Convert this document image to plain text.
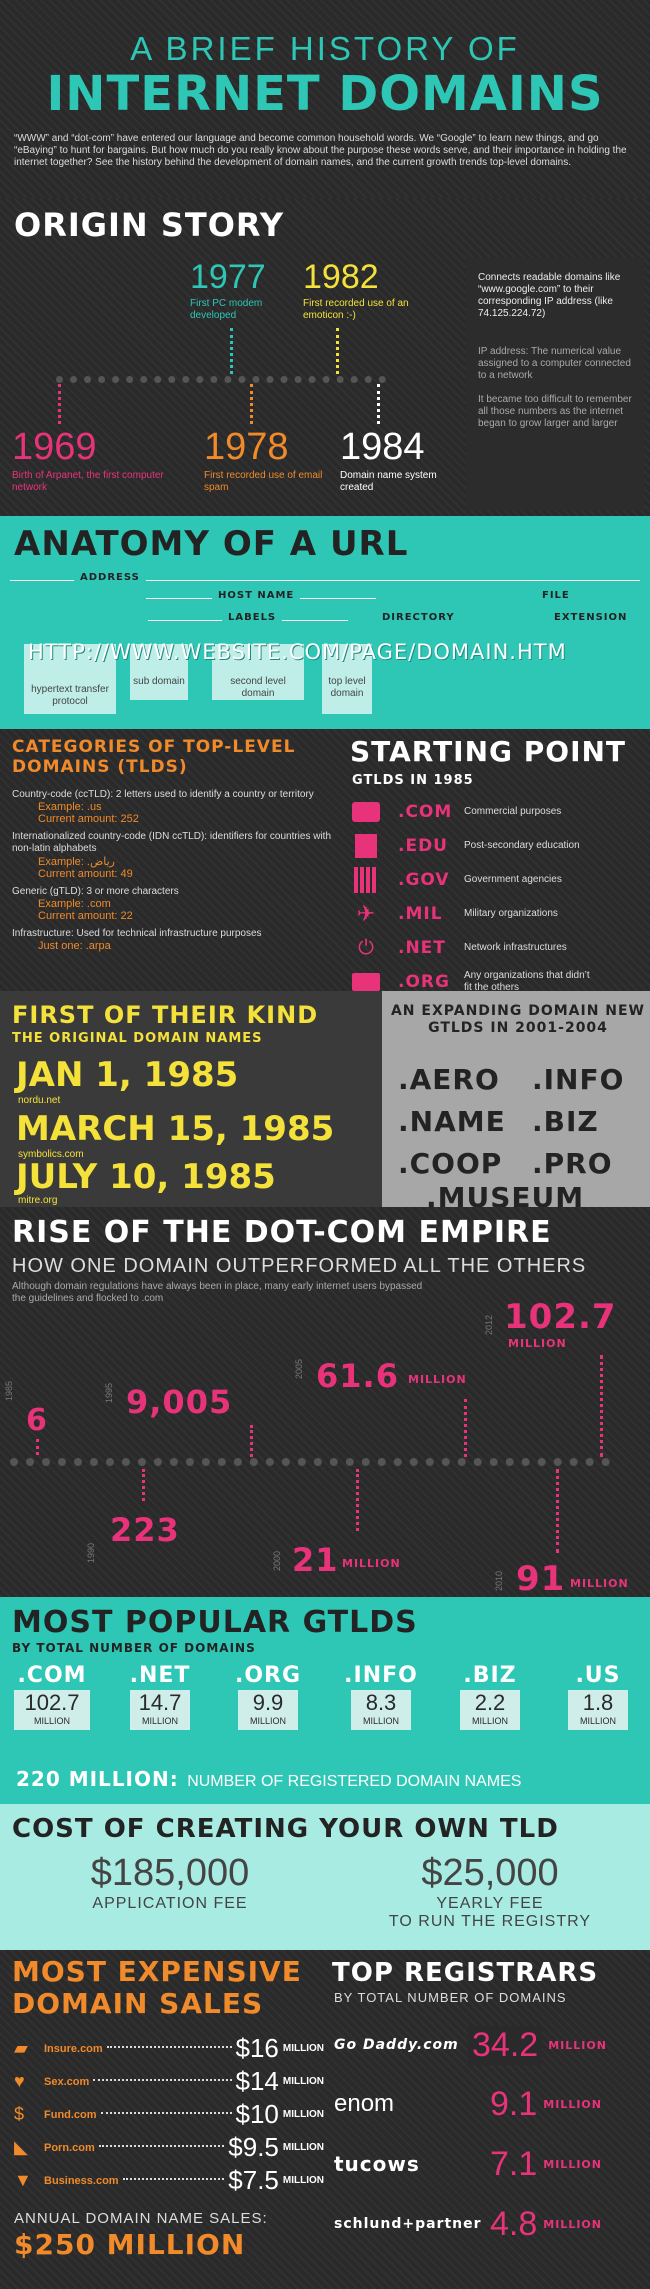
A BRIEF HISTORY OF
INTERNET DOMAINS
“WWW” and “dot-com” have entered our language and become common household words. We “Google” to learn new things, and go “eBaying” to hunt for bargains. But how much do you really know about the purpose these words serve, and their importance in holding the internet together? See the history behind the development of domain names, and the current growth trends top-level domains.
ORIGIN STORY
1977
First PC modem developed
1982
First recorded use of an emoticon :-)
1969
Birth of Arpanet, the first computer network
1978
First recorded use of email spam
1984
Domain name system created
Connects readable domains like “www.google.com” to their corresponding IP address (like 74.125.224.72)
IP address: The numerical value assigned to a computer connected to a network
It became too difficult to remember all those numbers as the internet began to grow larger and larger
ANATOMY OF A URL
ADDRESS
HOST NAME
LABELS	DIRECTORY
FILE
EXTENSION
hypertext transfer protocol
sub domain	second level domain
top level domain
HTTP://WWW.WEBSITE.COM/PAGE/DOMAIN.HTM
CATEGORIES OF TOP-LEVEL DOMAINS (TLDS)
Country-code (ccTLD): 2 letters used to identify a country or territory
Example: .us
Current amount: 252
Internationalized country-code (IDN ccTLD): identifiers for countries with non-latin alphabets
Example: .رياض
Current amount: 49
Generic (gTLD): 3 or more characters
Example: .com
Current amount: 22
Infrastructure: Used for technical infrastructure purposes
Just one: .arpa
STARTING POINT
GTLDS IN 1985
.COM	Commercial purposes
.EDU	Post-secondary education
.GOV	Government agencies
✈ .MIL	Military organizations
⏻	.NET	Network infrastructures
.ORG	Any organizations that didn’t fit the others
FIRST OF THEIR KIND
THE ORIGINAL DOMAIN NAMES
JAN 1, 1985
nordu.net
MARCH 15, 1985
symbolics.com
JULY 10, 1985
mitre.org
AN EXPANDING DOMAIN NEW GTLDS IN 2001-2004
.AERO .INFO
.NAME .BIZ
.COOP .PRO
.MUSEUM
RISE OF THE DOT-COM EMPIRE
HOW ONE DOMAIN OUTPERFORMED ALL THE OTHERS
Although domain regulations have always been in place, many early internet users bypassed the guidelines and flocked to .com
1985
6
1990
223
1995 9,005
2000 21 MILLION
2005 61.6 MILLION
2010 91 MILLION
2012 102.7
MILLION
MOST POPULAR GTLDS
BY TOTAL NUMBER OF DOMAINS
.COM
102.7
MILLION
.NET
14.7
MILLION
.ORG
9.9
MILLION
.INFO
8.3
MILLION
.BIZ
2.2
MILLION
.US
1.8
MILLION
220 MILLION: NUMBER OF REGISTERED DOMAIN NAMES
COST OF CREATING YOUR OWN TLD
$185,000
APPLICATION FEE
$25,000
YEARLY FEE
TO RUN THE REGISTRY
MOST EXPENSIVE
DOMAIN SALES
▰	Insure.com	$16 MILLION
♥	Sex.com	$14 MILLION
$	Fund.com	$10 MILLION
◣	Porn.com	$9.5 MILLION
▼	Business.com	$7.5 MILLION
ANNUAL DOMAIN NAME SALES:
$250 MILLION
TOP REGISTRARS
BY TOTAL NUMBER OF DOMAINS
Go Daddy.com 34.2 MILLION
enom	9.1 MILLION
tucows	7.1 MILLION
schlund+partner 4.8 MILLION
